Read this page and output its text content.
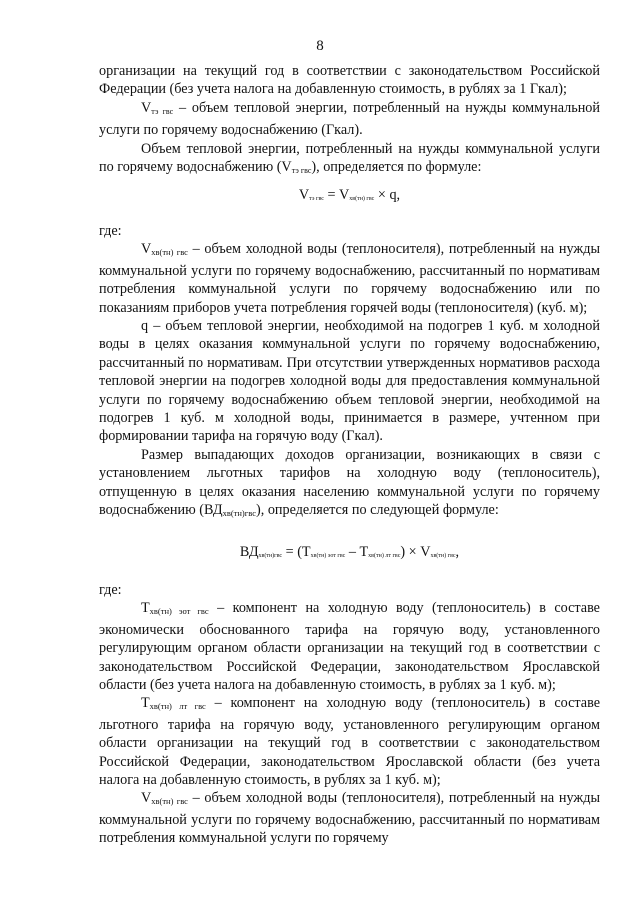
8

организации на текущий год в соответствии с законодательством Российской Федерации (без учета налога на добавленную стоимость, в рублях за 1 Гкал);

$V_{тэ гвс}$ – объем тепловой энергии, потребленный на нужды коммунальной услуги по горячему водоснабжению (Гкал).

Объем тепловой энергии, потребленный на нужды коммунальной услуги по горячему водоснабжению $(V_{тэ гвс})$, определяется по формуле:

Vтэ гвс = Vхв(тн) гвс × q,

где:

Vхв(тн) гвс – объем холодной воды (теплоносителя), потребленный на нужды коммунальной услуги по горячему водоснабжению, рассчитанный по нормативам потребления коммунальной услуги по горячему водоснабжению или по показаниям приборов учета потребления горячей воды (теплоносителя) (куб. м);

q – объем тепловой энергии, необходимой на подогрев 1 куб. м холодной воды в целях оказания коммунальной услуги по горячему водоснабжению, рассчитанный по нормативам. При отсутствии утвержденных нормативов расхода тепловой энергии на подогрев холодной воды для предоставления коммунальной услуги по горячему водоснабжению объем тепловой энергии, необходимой на подогрев 1 куб. м холодной воды, принимается в размере, учтенном при формировании тарифа на горячую воду (Гкал).

Размер выпадающих доходов организации, возникающих в связи с установлением льготных тарифов на холодную воду (теплоноситель), отпущенную в целях оказания населению коммунальной услуги по горячему водоснабжению (ВДхв(тн)гвс), определяется по следующей формуле:

ВДхв(тн)гвс = (Тхв(тн) эот гвс – Тхв(тн) лт гвс) × Vхв(тн) гвс,

где:

Тхв(тн) эот гвс – компонент на холодную воду (теплоноситель) в составе экономически обоснованного тарифа на горячую воду, установленного регулирующим органом области организации на текущий год в соответствии с законодательством Российской Федерации, законодательством Ярославской области (без учета налога на добавленную стоимость, в рублях за 1 куб. м);

Тхв(тн) лт гвс – компонент на холодную воду (теплоноситель) в составе льготного тарифа на горячую воду, установленного регулирующим органом области организации на текущий год в соответствии с законодательством Российской Федерации, законодательством Ярославской области (без учета налога на добавленную стоимость, в рублях за 1 куб. м);

Vхв(тн) гвс – объем холодной воды (теплоносителя), потребленный на нужды коммунальной услуги по горячему водоснабжению, рассчитанный по нормативам потребления коммунальной услуги по горячему
